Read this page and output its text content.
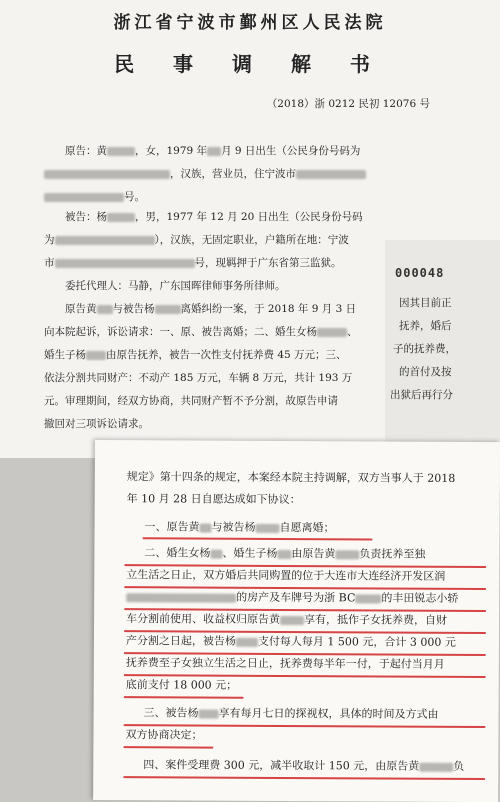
浙江省宁波市鄞州区人民法院
民 事 调 解 书
（2018）浙 0212 民初 12076 号
原告：黄	，女，1979 年 月 9 日出生（公民身份号码为
，汉族，营业员，住宁波市
号。
被告：杨	，男，1977 年 12 月 20 日出生（公民身份号码
为	），汉族，无固定职业，户籍所在地：宁波
市	号，现羁押于广东省第三监狱。
委托代理人：马静，广东国晖律师事务所律师。
原告黄 与被告杨 离婚纠纷一案，于 2018 年 9 月 3 日
向本院起诉，诉讼请求：一、原、被告离婚；二、婚生女杨	、
婚生子杨 由原告抚养，被告一次性支付抚养费 45 万元；三、
依法分割共同财产：不动产 185 万元，车辆 8 万元，共计 193 万
元。审理期间，经双方协商，共同财产暂不予分割，故原告申请
撤回对三项诉讼请求。
因其目前正
抚养，婚后
子的抚养费，
的首付及按
出狱后再行分
000048
规定》第十四条的规定，本案经本院主持调解，双方当事人于 2018
年 10 月 28 日自愿达成如下协议：
一、原告黄 与被告杨 自愿离婚；
二、婚生女杨 、婚生子杨 由原告黄 负责抚养至独
立生活之日止，双方婚后共同购置的位于大连市大连经济开发区润
的房产及车牌号为浙 BC 的丰田锐志小轿
车分割前使用、收益权归原告黄 享有，抵作子女抚养费，自财
产分割之日起，被告杨 支付每人每月 1 500 元，合计 3 000 元
抚养费至子女独立生活之日止，抚养费每半年一付，于起付当月月
底前支付 18 000 元；
三、被告杨 享有每月七日的探视权，具体的时间及方式由
双方协商决定；
四、案件受理费 300 元，减半收取计 150 元，由原告黄	负
